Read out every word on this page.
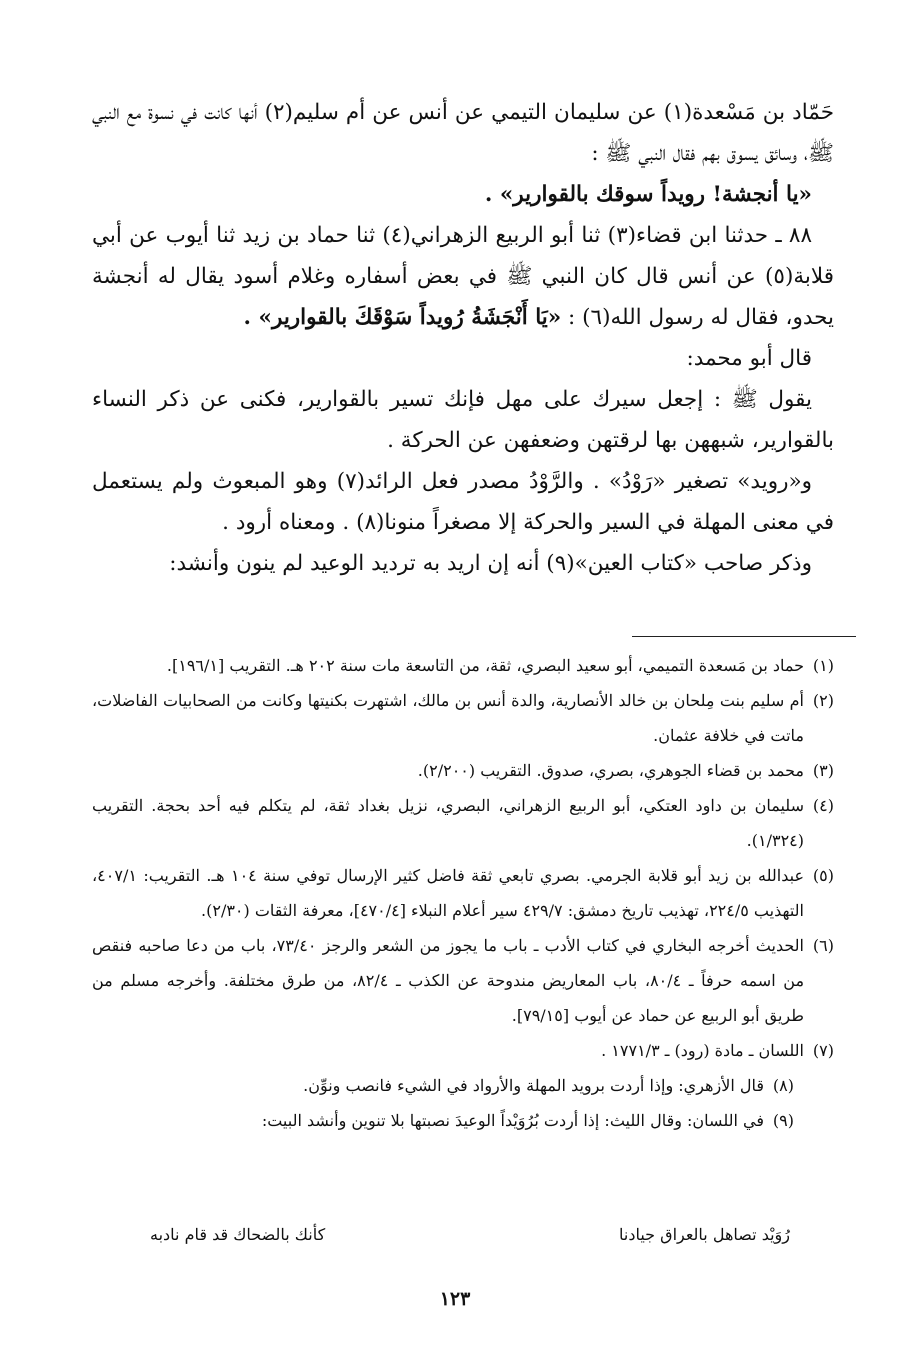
حَمّاد بن مَسْعدة(١) عن سليمان التيمي عن أنس عن أم سليم(٢) أنها كانت في نسوة مع النبي ﷺ، وسائق يسوق بهم فقال النبي ﷺ :

«يا أنجشة! رويداً سوقك بالقوارير» .

٨٨ ـ حدثنا ابن قضاء(٣) ثنا أبو الربيع الزهراني(٤) ثنا حماد بن زيد ثنا أيوب عن أبي قلابة(٥) عن أنس قال كان النبي ﷺ في بعض أسفاره وغلام أسود يقال له أنجشة يحدو، فقال له رسول الله(٦) : «يَا أَنْجَشَةُ رُويداً سَوْقَكَ بالقوارير» .

قال أبو محمد:

يقول ﷺ : إجعل سيرك على مهل فإنك تسير بالقوارير، فكنى عن ذكر النساء بالقوارير، شبههن بها لرقتهن وضعفهن عن الحركة .

و«رويد» تصغير «رَوْدُ» . والرَّوْدُ مصدر فعل الرائد(٧) وهو المبعوث ولم يستعمل في معنى المهلة في السير والحركة إلا مصغراً منونا(٨) . ومعناه أرود .

وذكر صاحب «كتاب العين»(٩) أنه إن اريد به ترديد الوعيد لم ينون وأنشد:

(١)
حماد بن مَسعدة التميمي، أبو سعيد البصري، ثقة، من التاسعة مات سنة ٢٠٢ هـ. التقريب [١٩٦/١].

(٢)
أم سليم بنت مِلحان بن خالد الأنصارية، والدة أنس بن مالك، اشتهرت بكنيتها وكانت من الصحابيات الفاضلات، ماتت في خلافة عثمان.

(٣)
محمد بن قضاء الجوهري، بصري، صدوق. التقريب (٢/٢٠٠).

(٤)
سليمان بن داود العتكي، أبو الربيع الزهراني، البصري، نزيل بغداد ثقة، لم يتكلم فيه أحد بحجة. التقريب (١/٣٢٤).

(٥)
عبدالله بن زيد أبو قلابة الجرمي. بصري تابعي ثقة فاضل كثير الإرسال توفي سنة ١٠٤ هـ. التقريب: ٤٠٧/١، التهذيب ٢٢٤/٥، تهذيب تاريخ دمشق: ٤٢٩/٧ سير أعلام النبلاء [٤٧٠/٤]، معرفة الثقات (٢/٣٠).

(٦)
الحديث أخرجه البخاري في كتاب الأدب ـ باب ما يجوز من الشعر والرجز ٧٣/٤٠، باب من دعا صاحبه فنقص من اسمه حرفاً ـ ٨٠/٤، باب المعاريض مندوحة عن الكذب ـ ٨٢/٤، من طرق مختلفة. وأخرجه مسلم من طريق أبو الربيع عن حماد عن أيوب [٧٩/١٥].

(٧)
اللسان ـ مادة (رود) ـ ١٧٧١/٣ .

(٨)
قال الأزهري: وإذا أردت برويد المهلة والأرواد في الشيء فانصب ونوِّن.

(٩)
في اللسان: وقال الليث: إذا أردت بُرُوَيْداً الوعيدَ نصبتها بلا تنوين وأنشد البيت:

رُوَيْد تصاهل بالعراق جيادنا
كأنك بالضحاك قد قام نادبه
١٢٣
